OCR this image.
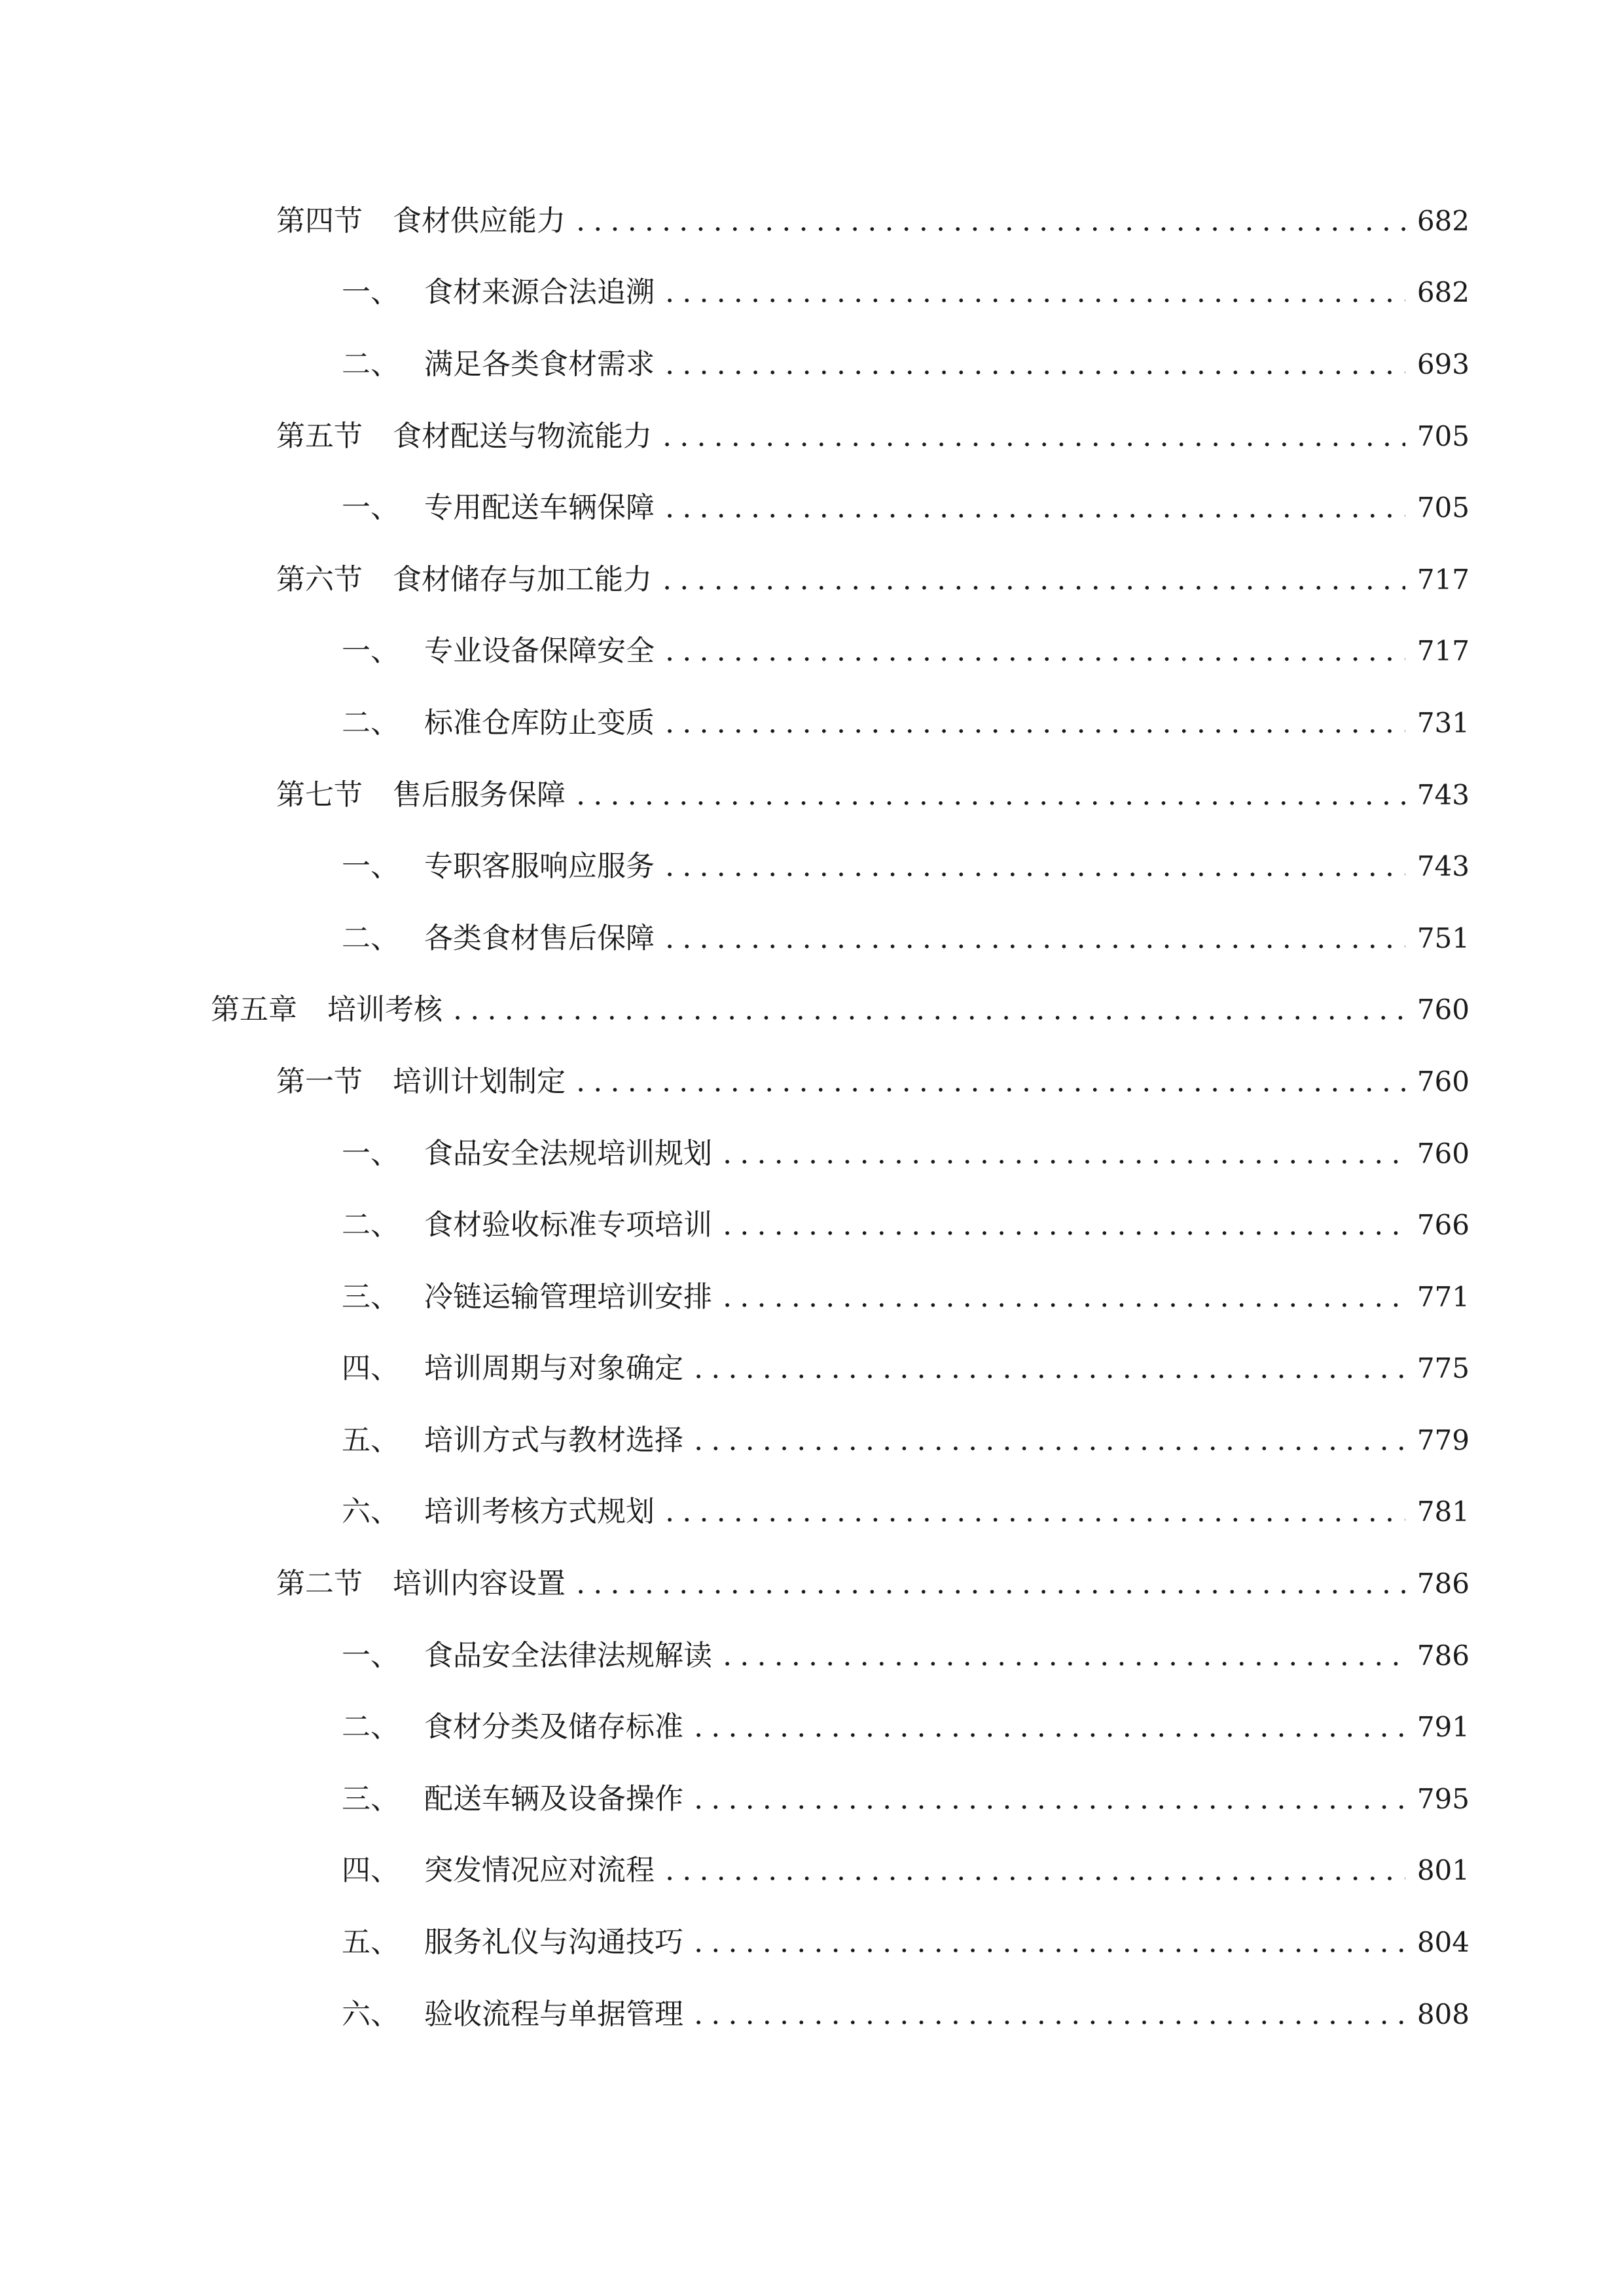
第四节	食材供应能力	682
一、 食材来源合法追溯	682
二、 满足各类食材需求	693
第五节	食材配送与物流能力	705
一、 专用配送车辆保障	705
第六节	食材储存与加工能力	717
一、 专业设备保障安全	717
二、 标准仓库防止变质	731
第七节	售后服务保障	743
一、 专职客服响应服务	743
二、 各类食材售后保障	751
第五章	培训考核	760
第一节	培训计划制定	760
一、 食品安全法规培训规划	760
二、 食材验收标准专项培训	766
三、 冷链运输管理培训安排	771
四、 培训周期与对象确定	775
五、 培训方式与教材选择	779
六、 培训考核方式规划	781
第二节	培训内容设置	786
一、 食品安全法律法规解读	786
二、 食材分类及储存标准	791
三、 配送车辆及设备操作	795
四、 突发情况应对流程	801
五、 服务礼仪与沟通技巧	804
六、 验收流程与单据管理	808
